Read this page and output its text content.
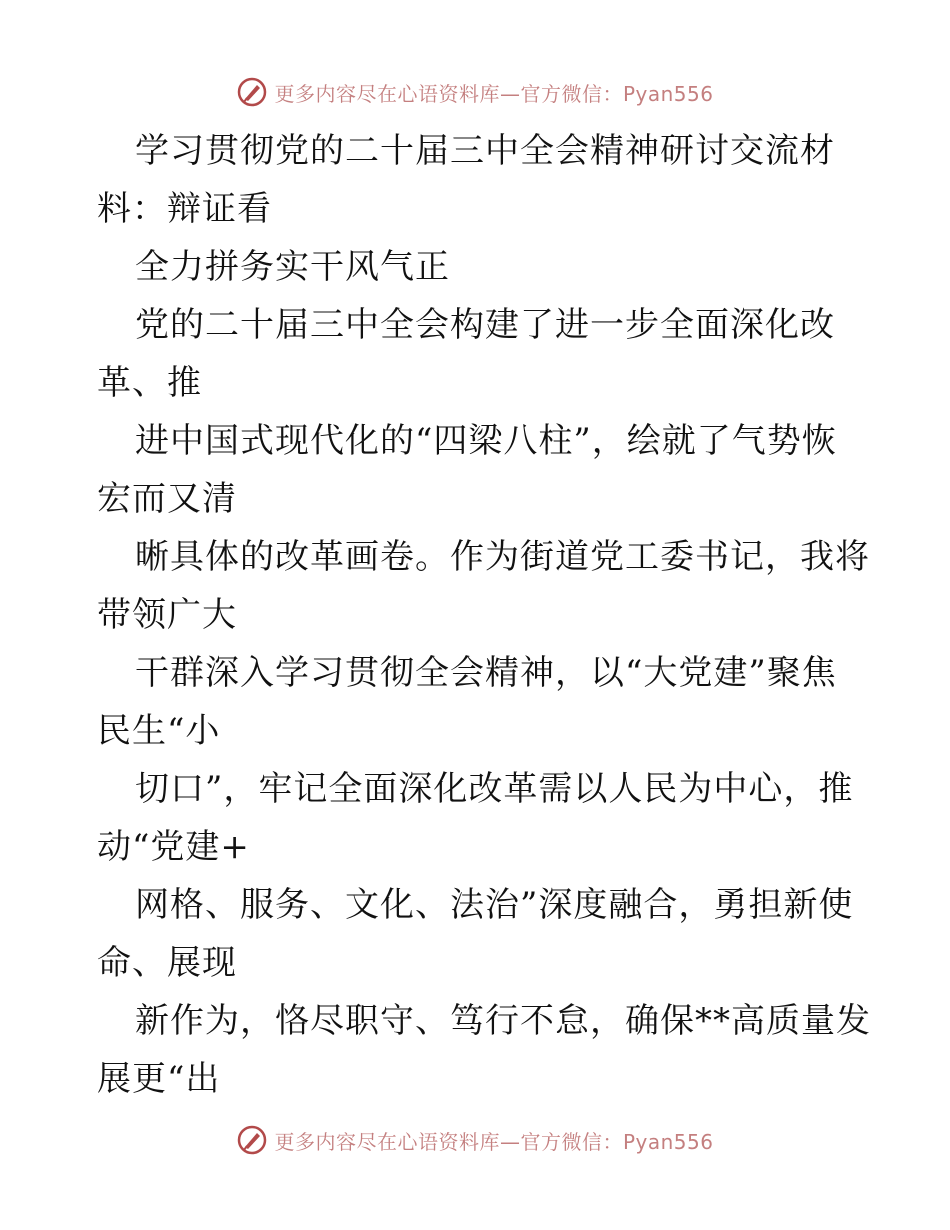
更多内容尽在心语资料库—官方微信：Pyan556
学习贯彻党的二十届三中全会精神研讨交流材
料：辩证看
全力拼务实干风气正
党的二十届三中全会构建了进一步全面深化改
革、推
进中国式现代化的“四梁八柱”，绘就了气势恢
宏而又清
晰具体的改革画卷。作为街道党工委书记，我将
带领广大
干群深入学习贯彻全会精神，以“大党建”聚焦
民生“小
切口”，牢记全面深化改革需以人民为中心，推
动“党建+
网格、服务、文化、法治”深度融合，勇担新使
命、展现
新作为，恪尽职守、笃行不怠，确保**高质量发
展更“出
更多内容尽在心语资料库—官方微信：Pyan556
